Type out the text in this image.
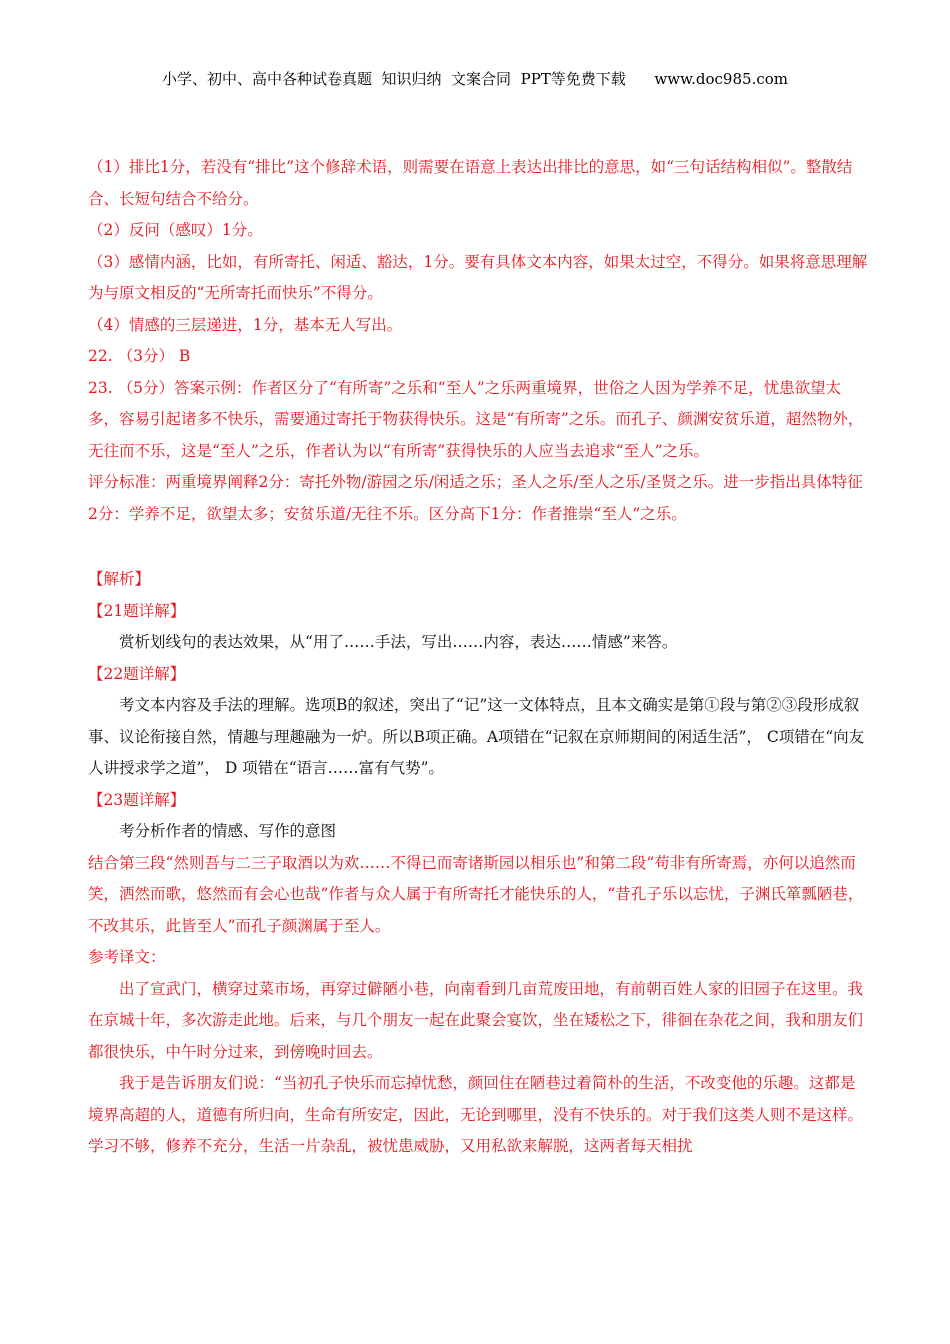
小学、初中、高中各种试卷真题  知识归纳  文案合同  PPT等免费下载      www.doc985.com

（1）排比1分，若没有“排比”这个修辞术语，则需要在语意上表达出排比的意思，如“三句话结构相似”。整散结合、长短句结合不给分。

（2）反问（感叹）1分。

（3）感情内涵，比如，有所寄托、闲适、豁达，1分。要有具体文本内容，如果太过空，不得分。如果将意思理解为与原文相反的“无所寄托而快乐”不得分。

（4）情感的三层递进，1分，基本无人写出。

22. （3分） B

23. （5分）答案示例：作者区分了“有所寄”之乐和“至人”之乐两重境界，世俗之人因为学养不足，忧患欲望太多，容易引起诸多不快乐，需要通过寄托于物获得快乐。这是“有所寄”之乐。而孔子、颜渊安贫乐道，超然物外，无往而不乐，这是“至人”之乐，作者认为以“有所寄”获得快乐的人应当去追求“至人”之乐。

评分标准：两重境界阐释2分：寄托外物/游园之乐/闲适之乐；圣人之乐/至人之乐/圣贤之乐。进一步指出具体特征2分：学养不足，欲望太多；安贫乐道/无往不乐。区分高下1分：作者推崇“至人”之乐。

【解析】

【21题详解】

赏析划线句的表达效果，从“用了……手法，写出……内容，表达……情感”来答。

【22题详解】

考文本内容及手法的理解。选项B的叙述，突出了“记”这一文体特点，且本文确实是第①段与第②③段形成叙事、议论衔接自然，情趣与理趣融为一炉。所以B项正确。A项错在“记叙在京师期间的闲适生活”， C项错在“向友人讲授求学之道”， D 项错在“语言……富有气势”。

【23题详解】

考分析作者的情感、写作的意图

结合第三段“然则吾与二三子取酒以为欢……不得已而寄诸斯园以相乐也”和第二段“苟非有所寄焉，亦何以追然而笑，洒然而歌，悠然而有会心也哉”作者与众人属于有所寄托才能快乐的人，“昔孔子乐以忘忧，子渊氏箪瓢陋巷，不改其乐，此皆至人”而孔子颜渊属于至人。

参考译文：

出了宣武门，横穿过菜市场，再穿过僻陋小巷，向南看到几亩荒废田地，有前朝百姓人家的旧园子在这里。我在京城十年，多次游走此地。后来，与几个朋友一起在此聚会宴饮，坐在矮松之下，徘徊在杂花之间，我和朋友们都很快乐，中午时分过来，到傍晚时回去。

我于是告诉朋友们说：“当初孔子快乐而忘掉忧愁，颜回住在陋巷过着简朴的生活，不改变他的乐趣。这都是境界高超的人，道德有所归向，生命有所安定，因此，无论到哪里，没有不快乐的。对于我们这类人则不是这样。学习不够，修养不充分，生活一片杂乱，被忧患威胁，又用私欲来解脱，这两者每天相扰
